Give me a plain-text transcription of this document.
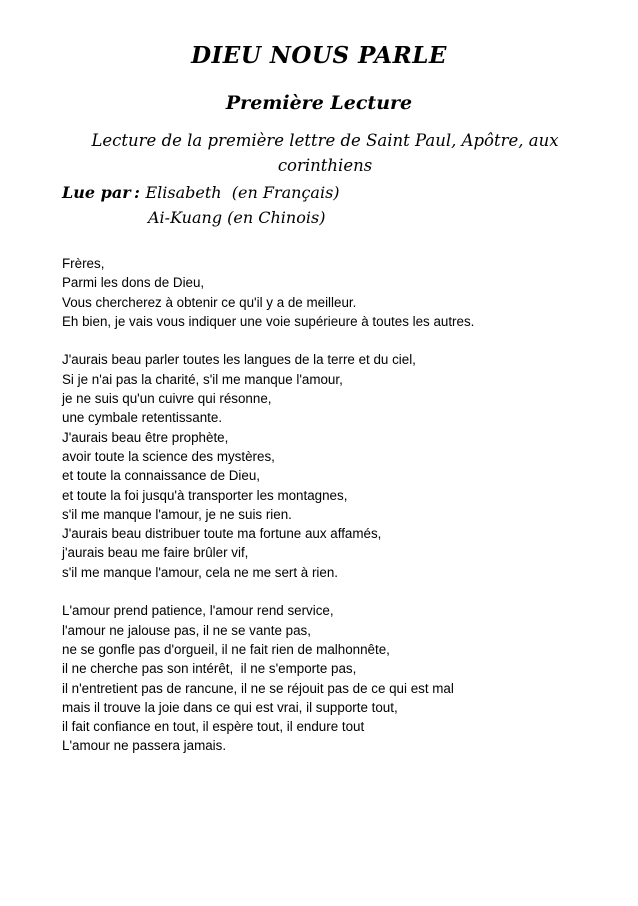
DIEU NOUS PARLE
Première Lecture
Lecture de la première lettre de Saint Paul, Apôtre, aux
corinthiens
Lue par : Elisabeth  (en Français)
Ai-Kuang (en Chinois)
Frères,
Parmi les dons de Dieu,
Vous chercherez à obtenir ce qu'il y a de meilleur.
Eh bien, je vais vous indiquer une voie supérieure à toutes les autres.
J'aurais beau parler toutes les langues de la terre et du ciel,
Si je n'ai pas la charité, s'il me manque l'amour,
je ne suis qu'un cuivre qui résonne,
une cymbale retentissante.
J'aurais beau être prophète,
avoir toute la science des mystères,
et toute la connaissance de Dieu,
et toute la foi jusqu'à transporter les montagnes,
s'il me manque l'amour, je ne suis rien.
J'aurais beau distribuer toute ma fortune aux affamés,
j'aurais beau me faire brûler vif,
s'il me manque l'amour, cela ne me sert à rien.
L'amour prend patience, l'amour rend service,
l'amour ne jalouse pas, il ne se vante pas,
ne se gonfle pas d'orgueil, il ne fait rien de malhonnête,
il ne cherche pas son intérêt,  il ne s'emporte pas,
il n'entretient pas de rancune, il ne se réjouit pas de ce qui est mal
mais il trouve la joie dans ce qui est vrai, il supporte tout,
il fait confiance en tout, il espère tout, il endure tout
L'amour ne passera jamais.
